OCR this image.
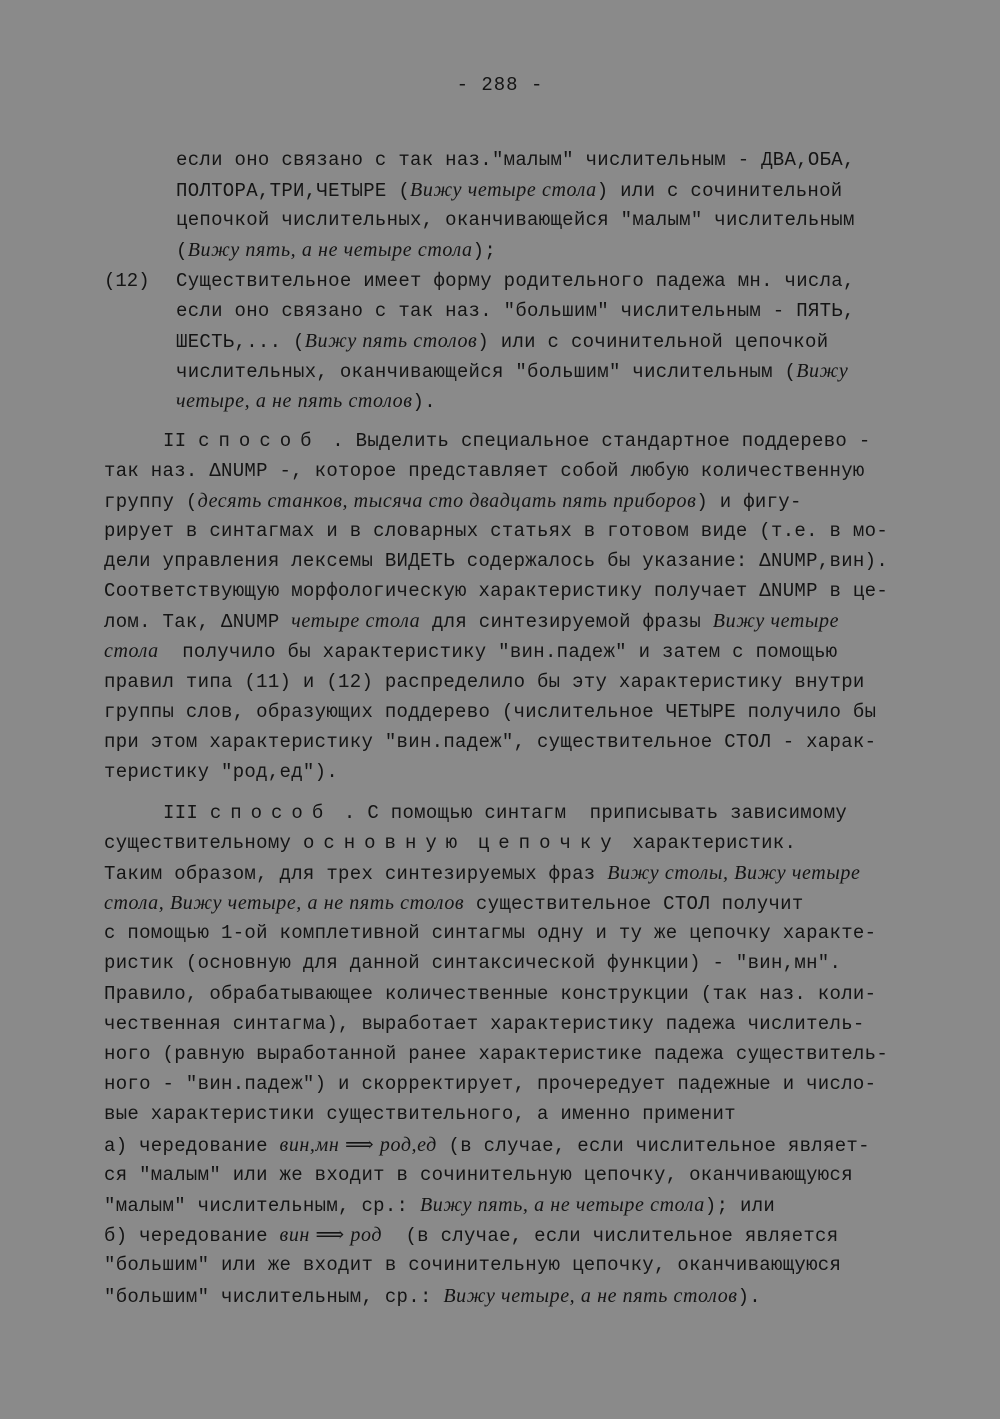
- 288 -
(12)
если оно связано с так наз."малым" числительным - ДВА,ОБА,
ПОЛТОРА,ТРИ,ЧЕТЫРЕ (Вижу четыре стола) или с сочинительной
цепочкой числительных, оканчивающейся "малым" числительным
(Вижу пять, а не четыре стола);
Существительное имеет форму родительного падежа мн. числа,
если оно связано с так наз. "большим" числительным - ПЯТЬ,
ШЕСТЬ,... (Вижу пять столов) или с сочинительной цепочкой
числительных, оканчивающейся "большим" числительным (Вижу
четыре, а не пять столов).
II способ . Выделить специальное стандартное поддерево -
так наз. ΔNUMP -, которое представляет собой любую количественную
группу (десять станков, тысяча сто двадцать пять приборов) и фигу-
рирует в синтагмах и в словарных статьях в готовом виде (т.е. в мо-
дели управления лексемы ВИДЕТЬ содержалось бы указание: ΔNUMP,вин).
Соответствующую морфологическую характеристику получает ΔNUMP в це-
лом. Так, ΔNUMP четыре стола для синтезируемой фразы Вижу четыре
стола  получило бы характеристику "вин.падеж" и затем с помощью
правил типа (11) и (12) распределило бы эту характеристику внутри
группы слов, образующих поддерево (числительное ЧЕТЫРЕ получило бы
при этом характеристику "вин.падеж", существительное СТОЛ - харак-
теристику "род,ед").
III способ . С помощью синтагм  приписывать зависимому
существительному основную цепочку характеристик.
Таким образом, для трех синтезируемых фраз Вижу столы, Вижу четыре
стола, Вижу четыре, а не пять столов существительное СТОЛ получит
с помощью 1-ой комплетивной синтагмы одну и ту же цепочку характе-
ристик (основную для данной синтаксической функции) - "вин,мн".
Правило, обрабатывающее количественные конструкции (так наз. коли-
чественная синтагма), выработает характеристику падежа числитель-
ного (равную выработанной ранее характеристике падежа существитель-
ного - "вин.падеж") и скорректирует, прочередует падежные и числo-
вые характеристики существительного, а именно применит
а) чередование вин,мн ⟹ род,ед (в случае, если числительное являет-
ся "малым" или же входит в сочинительную цепочку, оканчивающуюся
"малым" числительным, ср.: Вижу пять, а не четыре стола); или
б) чередование вин ⟹ род  (в случае, если числительное является
"большим" или же входит в сочинительную цепочку, оканчивающуюся
"большим" числительным, ср.: Вижу четыре, а не пять столов).
